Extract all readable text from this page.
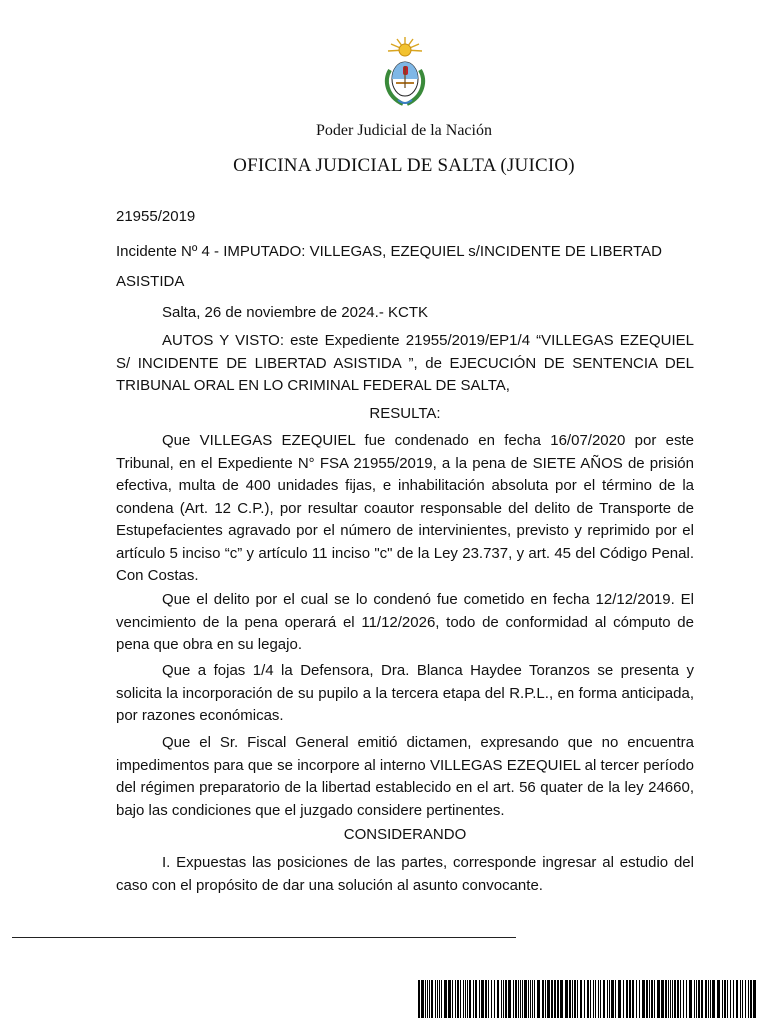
Poder Judicial de la Nación
OFICINA JUDICIAL DE SALTA (JUICIO)
21955/2019
Incidente Nº 4 - IMPUTADO: VILLEGAS, EZEQUIEL s/INCIDENTE DE LIBERTAD
ASISTIDA
Salta, 26 de noviembre de 2024.- KCTK

AUTOS Y VISTO: este Expediente 21955/2019/EP1/4 “VILLEGAS EZEQUIEL S/ INCIDENTE DE LIBERTAD ASISTIDA ”, de EJECUCIÓN DE SENTENCIA DEL TRIBUNAL ORAL EN LO CRIMINAL FEDERAL DE SALTA,

RESULTA:

Que VILLEGAS EZEQUIEL fue condenado en fecha 16/07/2020 por este Tribunal, en el Expediente N° FSA 21955/2019, a la pena de SIETE AÑOS de prisión efectiva, multa de 400 unidades fijas, e inhabilitación absoluta por el término de la condena (Art. 12 C.P.), por resultar coautor responsable del delito de Transporte de Estupefacientes agravado por el número de intervinientes, previsto y reprimido por el artículo 5 inciso “c” y artículo 11 inciso "c" de la Ley 23.737, y art. 45 del Código Penal. Con Costas.

Que el delito por el cual se lo condenó fue cometido en fecha 12/12/2019. El vencimiento de la pena operará el 11/12/2026, todo de conformidad al cómputo de pena que obra en su legajo.

Que a fojas 1/4 la Defensora, Dra. Blanca Haydee Toranzos se presenta y solicita la incorporación de su pupilo a la tercera etapa del R.P.L., en forma anticipada, por razones económicas.

Que el Sr. Fiscal General emitió dictamen, expresando que no encuentra impedimentos para que se incorpore al interno VILLEGAS EZEQUIEL al tercer período del régimen preparatorio de la libertad establecido en el art. 56 quater de la ley 24660, bajo las condiciones que el juzgado considere pertinentes.

CONSIDERANDO

I. Expuestas las posiciones de las partes, corresponde ingresar al estudio del caso con el propósito de dar una solución al asunto convocante.
